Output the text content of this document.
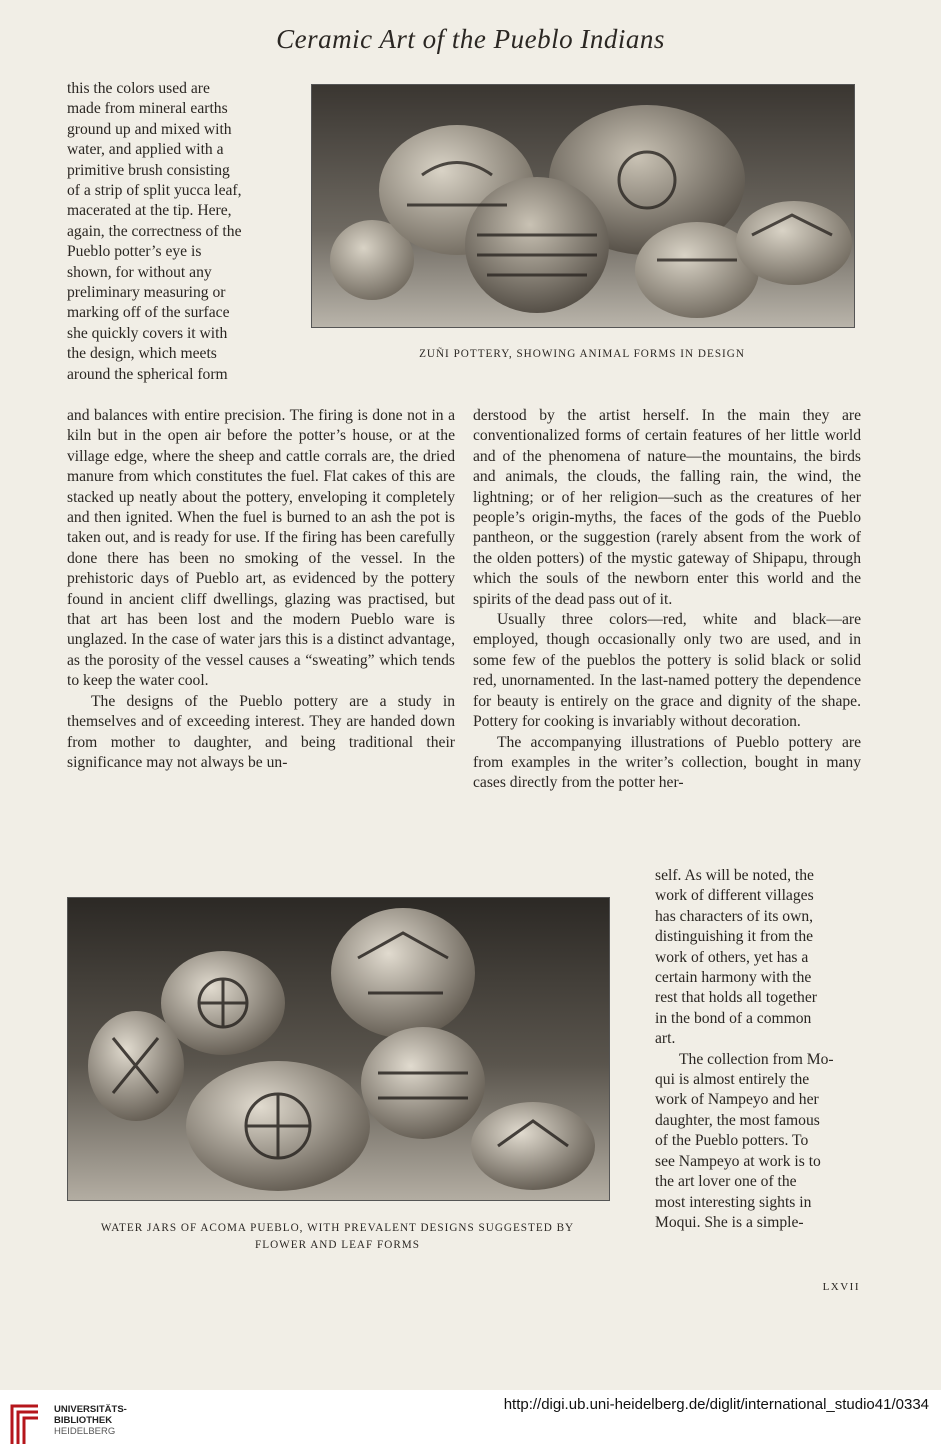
Ceramic Art of the Pueblo Indians
this the colors used are
made from mineral earths
ground up and mixed with
water, and applied with a
primitive brush consisting
of a strip of split yucca leaf,
macerated at the tip. Here,
again, the correctness of the
Pueblo potter’s eye is
shown, for without any
preliminary measuring or
marking off of the surface
she quickly covers it with
the design, which meets
around the spherical form
ZUÑI POTTERY, SHOWING ANIMAL FORMS IN DESIGN

and balances with entire precision. The firing is done not in a kiln but in the open air before the potter’s house, or at the village edge, where the sheep and cattle corrals are, the dried manure from which constitutes the fuel. Flat cakes of this are stacked up neatly about the pottery, enveloping it completely and then ignited. When the fuel is burned to an ash the pot is taken out, and is ready for use. If the firing has been carefully done there has been no smoking of the vessel. In the prehistoric days of Pueblo art, as evidenced by the pottery found in ancient cliff dwellings, glazing was practised, but that art has been lost and the modern Pueblo ware is unglazed. In the case of water jars this is a distinct advantage, as the porosity of the vessel causes a “sweating” which tends to keep the water cool.

The designs of the Pueblo pottery are a study in themselves and of exceeding interest. They are handed down from mother to daughter, and being traditional their significance may not always be un-

derstood by the artist herself. In the main they are conventionalized forms of certain features of her little world and of the phenomena of nature—the mountains, the birds and animals, the clouds, the falling rain, the wind, the lightning; or of her religion—such as the creatures of her people’s origin-myths, the faces of the gods of the Pueblo pantheon, or the suggestion (rarely absent from the work of the olden potters) of the mystic gateway of Shipapu, through which the souls of the newborn enter this world and the spirits of the dead pass out of it.

Usually three colors—red, white and black—are employed, though occasionally only two are used, and in some few of the pueblos the pottery is solid black or solid red, unornamented. In the last-named pottery the dependence for beauty is entirely on the grace and dignity of the shape. Pottery for cooking is invariably without decoration.

The accompanying illustrations of Pueblo pottery are from examples in the writer’s collection, bought in many cases directly from the potter her-

WATER JARS OF ACOMA PUEBLO, WITH PREVALENT DESIGNS SUGGESTED BY
FLOWER AND LEAF FORMS
self. As will be noted, the
work of different villages
has characters of its own,
distinguishing it from the
work of others, yet has a
certain harmony with the
rest that holds all together
in the bond of a common
art.
The collection from Mo-
qui is almost entirely the
work of Nampeyo and her
daughter, the most famous
of the Pueblo potters. To
see Nampeyo at work is to
the art lover one of the
most interesting sights in
Moqui. She is a simple-
LXVII
UNIVERSITÄTS-
BIBLIOTHEK
HEIDELBERG
http://digi.ub.uni-heidelberg.de/diglit/international_studio41/0334
